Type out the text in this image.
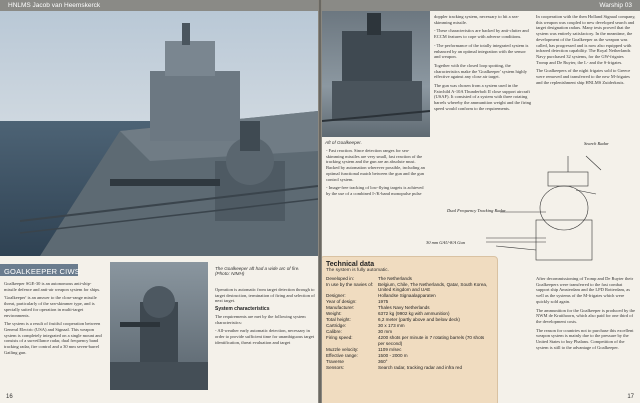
HNLMS Jacob van Heemskerck
GOALKEEPER CIWS	The Goalkeeper aft had a wide arc of fire. (Photo: NIMH)

Goalkeeper SGE-30 is an autonomous anti-ship-missile defence and anti-air weapon system for ships.

'Goalkeeper' is an answer to the close-range missile threat, particularly of the sea-skimmer type, and is specially suited for operation in multi-target environments.

The system is a result of fruitful cooperation between General Electric (USA) and Signaal. This weapon system is completely integrated on a single mount and consists of a surveillance radar, dual frequency band tracking radar, fire control and a 30 mm seven-barrel Gatling gun.

Operation is automatic from target detection through to target destruction, termination of firing and selection of next target.

System characteristics

The requirements are met by the following system characteristics:

- All-weather early automatic detection, necessary in order to provide sufficient time for unambiguous target identification, threat evaluation and target

16
Warship 03
Aft of Goalkeeper.

- Fast reaction. Since detection ranges for sea-skimming missiles are very small, fast reaction of the tracking system and the gun are an absolute must. Backed by automation wherever possible, including an optimal functional match between the gun and the gun control system.

- Image-free tracking of low-flying targets is achieved by the use of a combined I-/K-band monopulse pulse

doppler tracking system, necessary to hit a sea-skimming missile.

- These characteristics are backed by anti-clutter and ECCM features to cope with adverse conditions.

- The performance of the totally integrated system is enhanced by an optimal integration with the sensor and weapon.

Together with the closed loop spotting, the characteristics make the 'Goalkeeper' system highly effective against any close air target.

The gun was chosen from a system used in the Fairchild A-10A Thunderbolt II close support aircraft (USAF). It consisted of a system with three rotating barrels whereby the ammunition weight and the firing speed would conform to the requirements.

In cooperation with the then Holland Signaal company, this weapon was coupled to new developed search and target designation radars. Many tests proved that the system was entirely satisfactory. In the meantime, the development of the Goalkeeper as the weapon was called, has progressed and is now also equipped with infrared detection capability. The Royal Netherlands Navy purchased 32 systems, for the GW-frigates Tromp and De Ruyter, the L- and the S-frigates.

The Goalkeepers of the night frigates sold to Greece were removed and transferred to the new M-frigates and the replenishment ship HNLMS Zuiderkruis.

Search Radar
Dual Frequency Tracking Radar
30 mm GAU-8/A Gun
Technical data
The system is fully automatic.
Developed in:	The Netherlands
In use by the navies of:	Belgium, Chile, The Netherlands, Qatar, South Korea, United Kingdom and UAE
Designer:	Hollandse Signaalapparaten
Year of design:	1975
Manufacturer:	Thales Navy Netherlands
Weight:	6372 kg (9902 kg with ammunition)
Total height:	6,2 meter (partly above and below deck)
Cartridge:	30 x 173 mm
Calibre:	30 mm
Firing speed:	4200 shots per minute in 7 rotating barrels (70 shots per second)
Muzzle velocity:	1109 m/sec
Effective range:	1500 - 2000 m
Traverse	360°
Sensors:	Search radar, tracking radar and infra red

After decommissioning of Tromp and De Ruyter their Goalkeepers were transferred to the fast combat support ship Amsterdam and the LPD Rotterdam, as well as the systems of the M-frigates which were quickly sold again.

The ammunition for the Goalkeeper is produced by the NWM de Kruithoorn, which also paid for one third of the development costs.

The reason for countries not to purchase this excellent weapon system is mainly due to the pressure by the United States to buy Phalanx. Competition of the system is still to the advantage of Goalkeeper.

17
